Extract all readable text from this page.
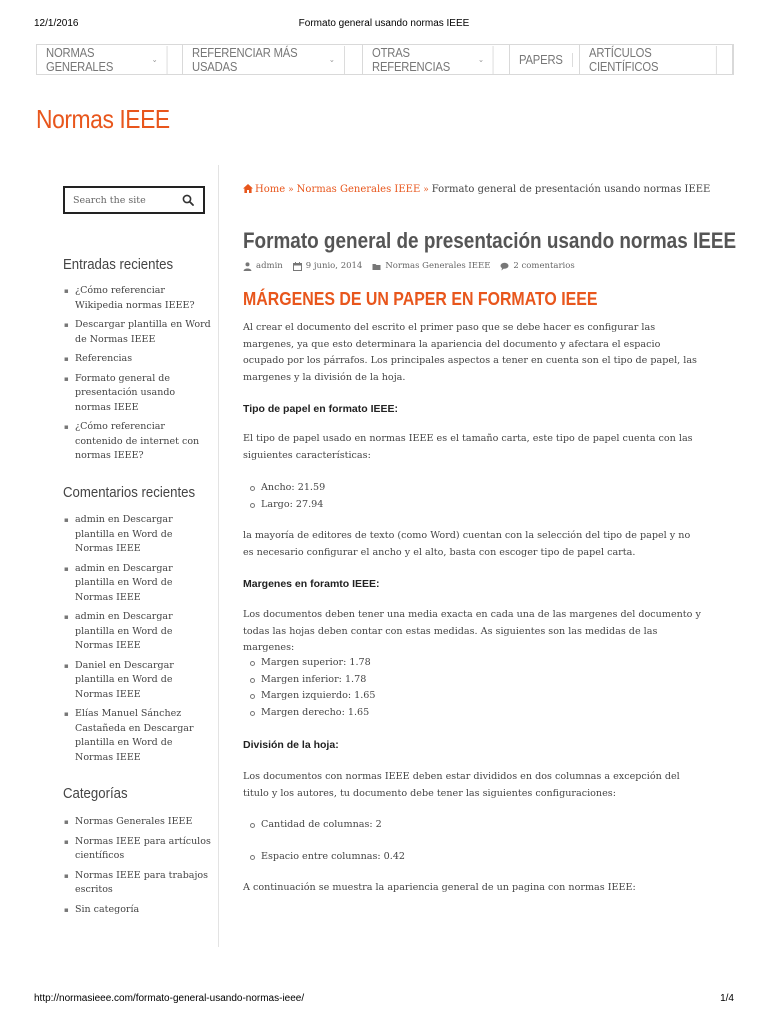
12/1/2016	Formato general usando normas IEEE
NORMAS GENERALES	⌄	REFERENCIAR MÁS USADAS	⌄	OTRAS REFERENCIAS	⌄	PAPERS ARTÍCULOS CIENTÍFICOS
Normas IEEE
Search the site
Entradas recientes
▪ ¿Cómo referenciar Wikipedia normas IEEE?
▪ Descargar plantilla en Word de Normas IEEE
▪ Referencias
▪ Formato general de presentación usando normas IEEE
▪ ¿Cómo referenciar contenido de internet con normas IEEE?
Comentarios recientes
▪ admin en Descargar plantilla en Word de Normas IEEE
▪ admin en Descargar plantilla en Word de Normas IEEE
▪ admin en Descargar plantilla en Word de Normas IEEE
▪ Daniel en Descargar plantilla en Word de Normas IEEE
▪ Elías Manuel Sánchez Castañeda en Descargar plantilla en Word de Normas IEEE
Categorías
▪ Normas Generales IEEE
▪ Normas IEEE para artículos científicos
▪ Normas IEEE para trabajos escritos
▪ Sin categoría
Home » Normas Generales IEEE » Formato general de presentación usando normas IEEE
Formato general de presentación usando normas IEEE
admin	9 junio, 2014	Normas Generales IEEE	2 comentarios
MÁRGENES DE UN PAPER EN FORMATO IEEE

Al crear el documento del escrito el primer paso que se debe hacer es configurar las margenes, ya que esto determinara la apariencia del documento y afectara el espacio ocupado por los párrafos. Los principales aspectos a tener en cuenta son el tipo de papel, las margenes y la división de la hoja.

Tipo de papel en formato IEEE:

El tipo de papel usado en normas IEEE es el tamaño carta, este tipo de papel cuenta con las siguientes características:

Ancho: 21.59
Largo: 27.94

la mayoría de editores de texto (como Word) cuentan con la selección del tipo de papel y no es necesario configurar el ancho y el alto, basta con escoger tipo de papel carta.

Margenes en foramto IEEE:

Los documentos deben tener una media exacta en cada una de las margenes del documento y todas las hojas deben contar con estas medidas. As siguientes son las medidas de las margenes:

Margen superior: 1.78
Margen inferior: 1.78
Margen izquierdo: 1.65
Margen derecho: 1.65
División de la hoja:

Los documentos con normas IEEE deben estar divididos en dos columnas a excepción del titulo y los autores, tu documento debe tener las siguientes configuraciones:

Cantidad de columnas: 2
Espacio entre columnas: 0.42

A continuación se muestra la apariencia general de un pagina con normas IEEE:

http://normasieee.com/formato-general-usando-normas-ieee/	1/4
